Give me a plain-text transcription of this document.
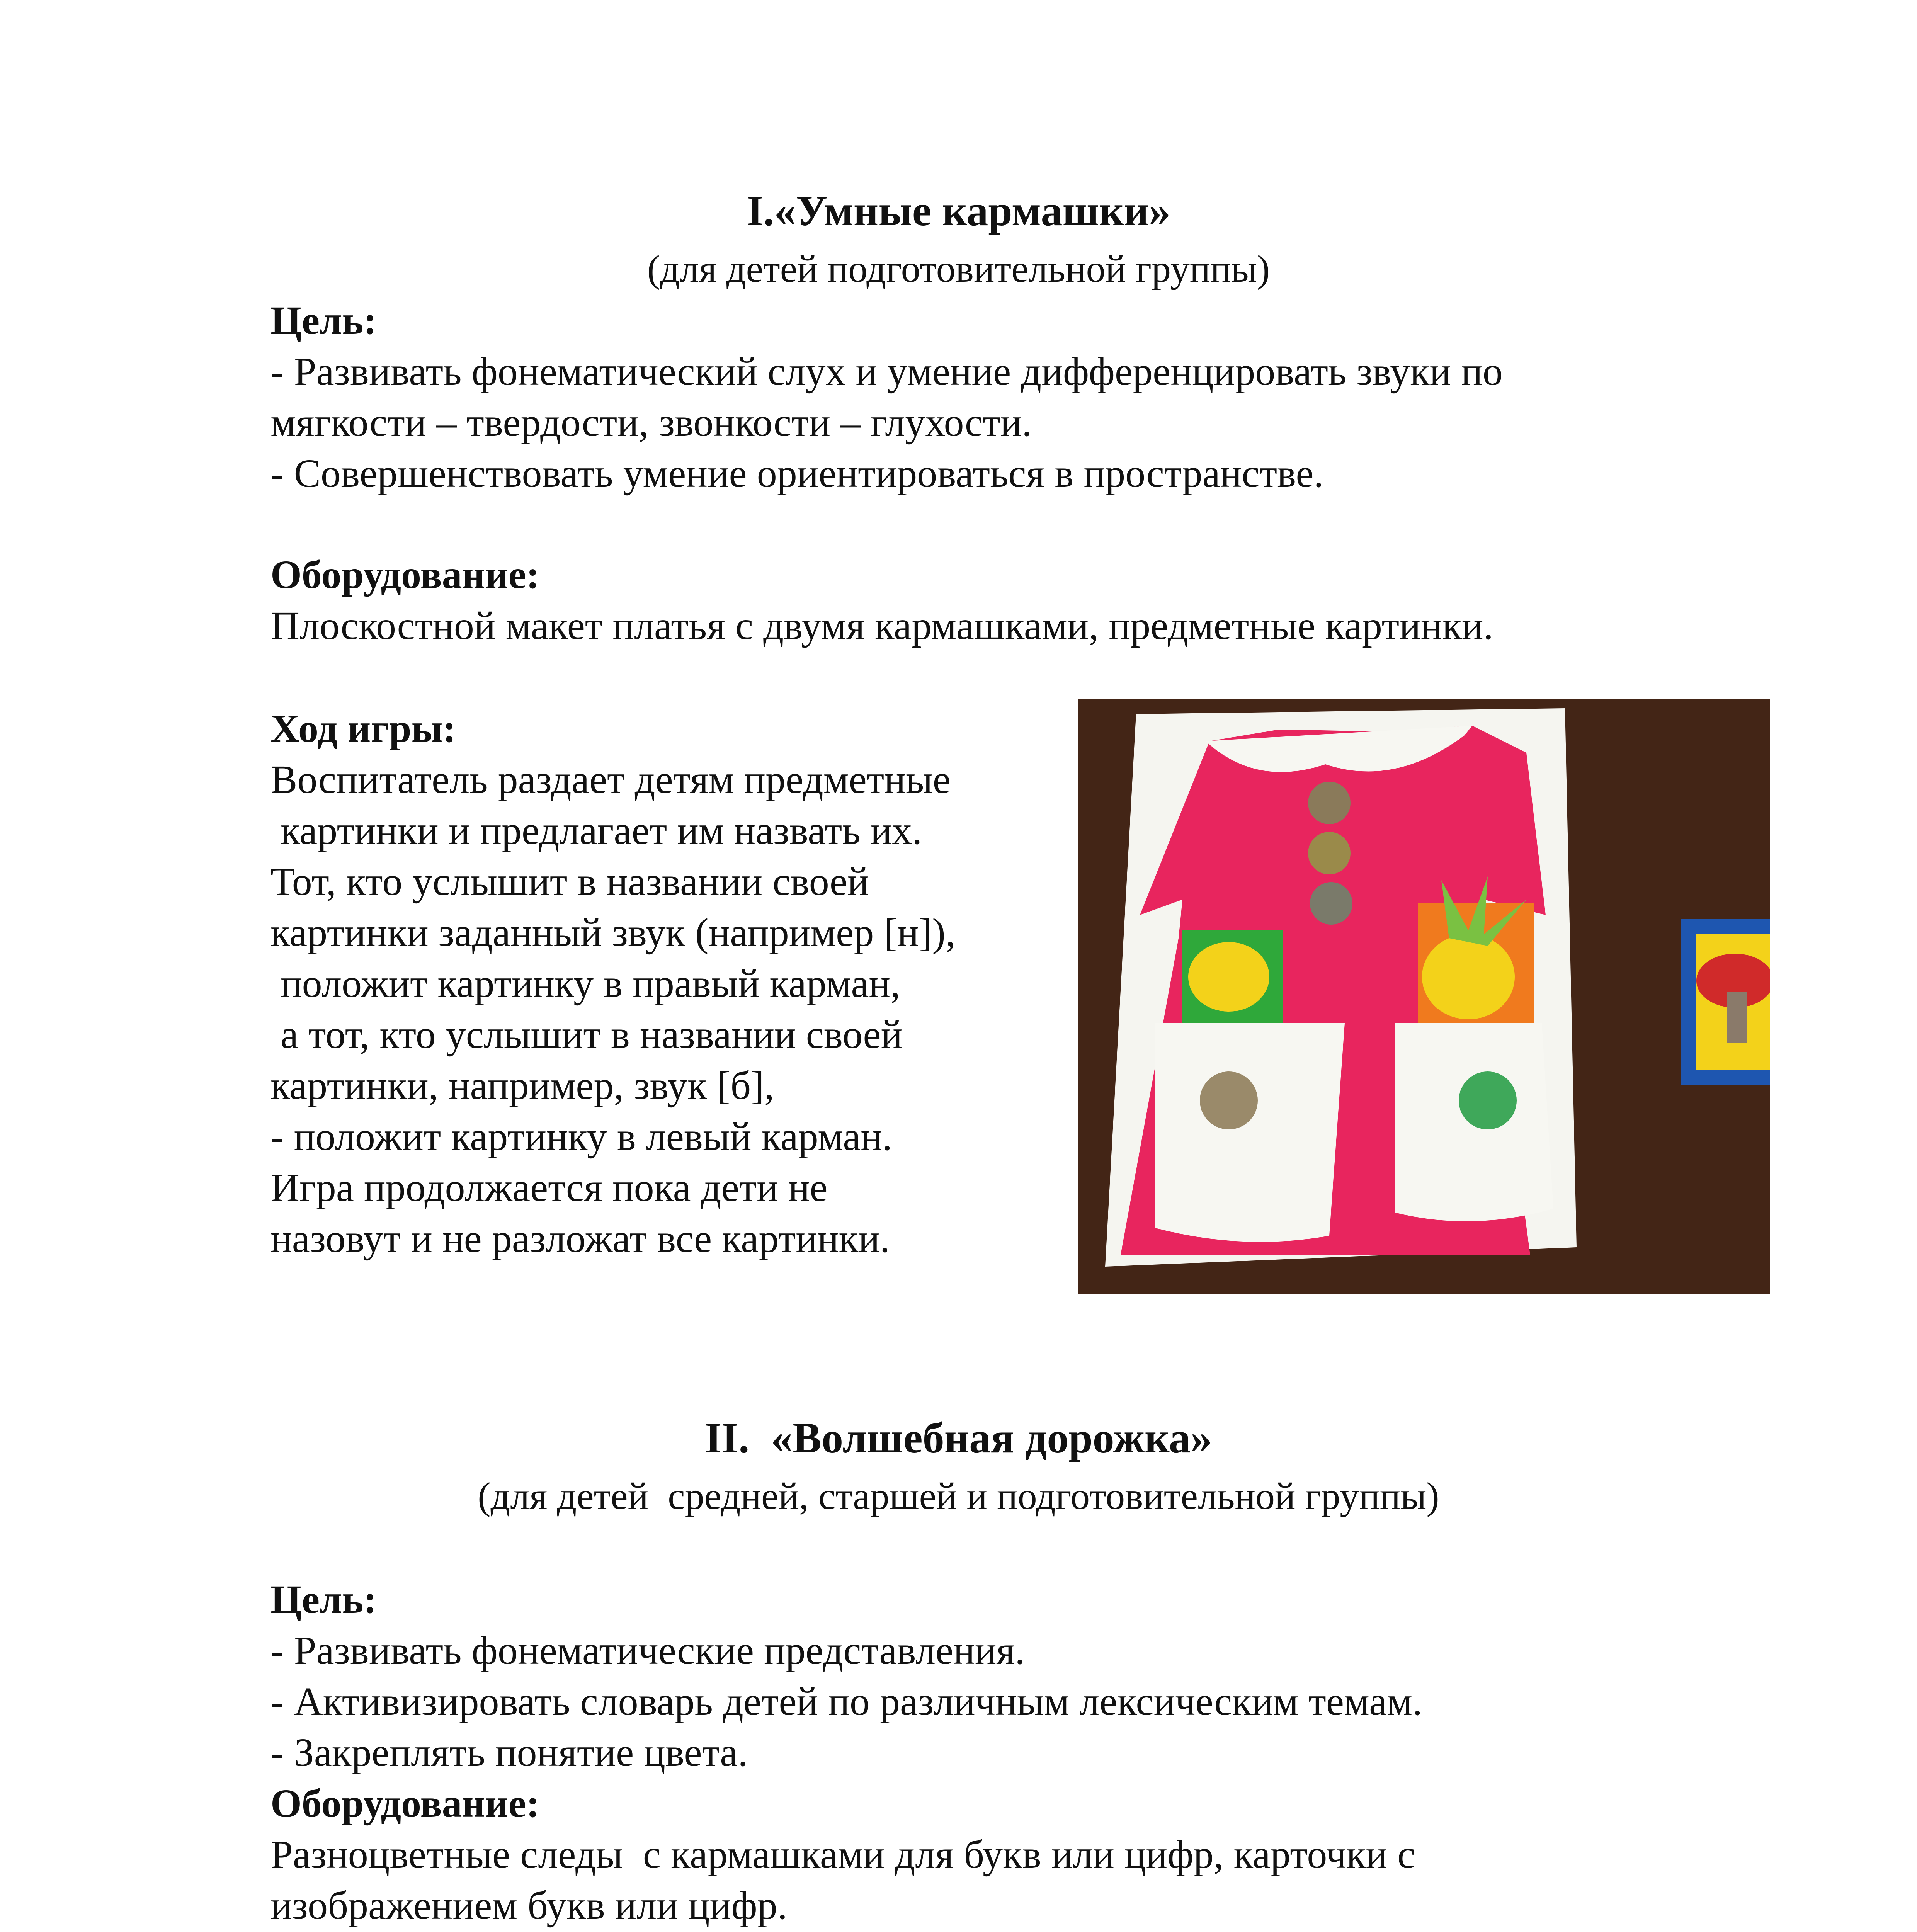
I.«Умные кармашки»
(для детей подготовительной группы)
Цель:
- Развивать фонематический слух и умение дифференцировать звуки по
мягкости – твердости, звонкости – глухости.
- Совершенствовать умение ориентироваться в пространстве.
Оборудование:
Плоскостной макет платья с двумя кармашками, предметные картинки.
Ход игры:
Воспитатель раздает детям предметные
картинки и предлагает им назвать их.
Тот, кто услышит в названии своей
картинки заданный звук (например [н]),
положит картинку в правый карман,
а тот, кто услышит в названии своей
картинки, например, звук [б],
- положит картинку в левый карман.
Игра продолжается пока дети не
назовут и не разложат все картинки.
II.  «Волшебная дорожка»
(для детей  средней, старшей и подготовительной группы)
Цель:
- Развивать фонематические представления.
- Активизировать словарь детей по различным лексическим темам.
- Закреплять понятие цвета.
Оборудование:
Разноцветные следы  с кармашками для букв или цифр, карточки с
изображением букв или цифр.
